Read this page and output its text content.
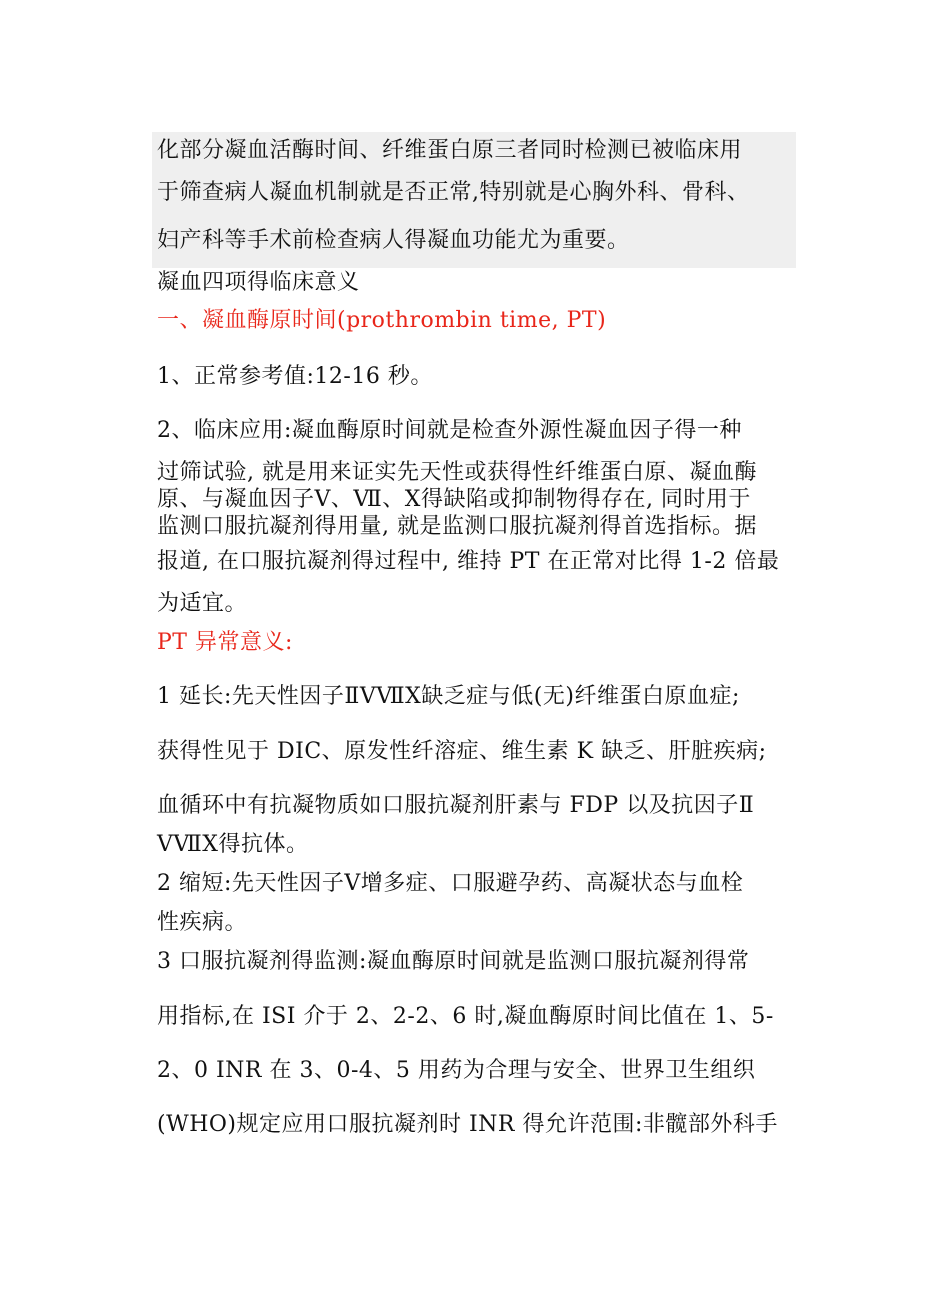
化部分凝血活酶时间、纤维蛋白原三者同时检测已被临床用
于筛查病人凝血机制就是否正常,特别就是心胸外科、骨科、
妇产科等手术前检查病人得凝血功能尤为重要。
凝血四项得临床意义
一、凝血酶原时间(prothrombin time, PT)
1、正常参考值:12-16 秒。
2、临床应用:凝血酶原时间就是检查外源性凝血因子得一种
过筛试验, 就是用来证实先天性或获得性纤维蛋白原、凝血酶
原、与凝血因子Ⅴ、Ⅶ、Ⅹ得缺陷或抑制物得存在, 同时用于
监测口服抗凝剂得用量, 就是监测口服抗凝剂得首选指标。据
报道, 在口服抗凝剂得过程中, 维持 PT 在正常对比得 1-2 倍最
为适宜。
PT 异常意义:
1 延长:先天性因子ⅡⅤⅦⅩ缺乏症与低(无)纤维蛋白原血症;
获得性见于 DIC、原发性纤溶症、维生素 K 缺乏、肝脏疾病;
血循环中有抗凝物质如口服抗凝剂肝素与 FDP 以及抗因子Ⅱ
ⅤⅦⅩ得抗体。
2 缩短:先天性因子Ⅴ增多症、口服避孕药、高凝状态与血栓
性疾病。
3 口服抗凝剂得监测:凝血酶原时间就是监测口服抗凝剂得常
用指标,在 ISI 介于 2、2-2、6 时,凝血酶原时间比值在 1、5-
2、0 INR 在 3、0-4、5 用药为合理与安全、世界卫生组织
(WHO)规定应用口服抗凝剂时 INR 得允许范围:非髋部外科手
